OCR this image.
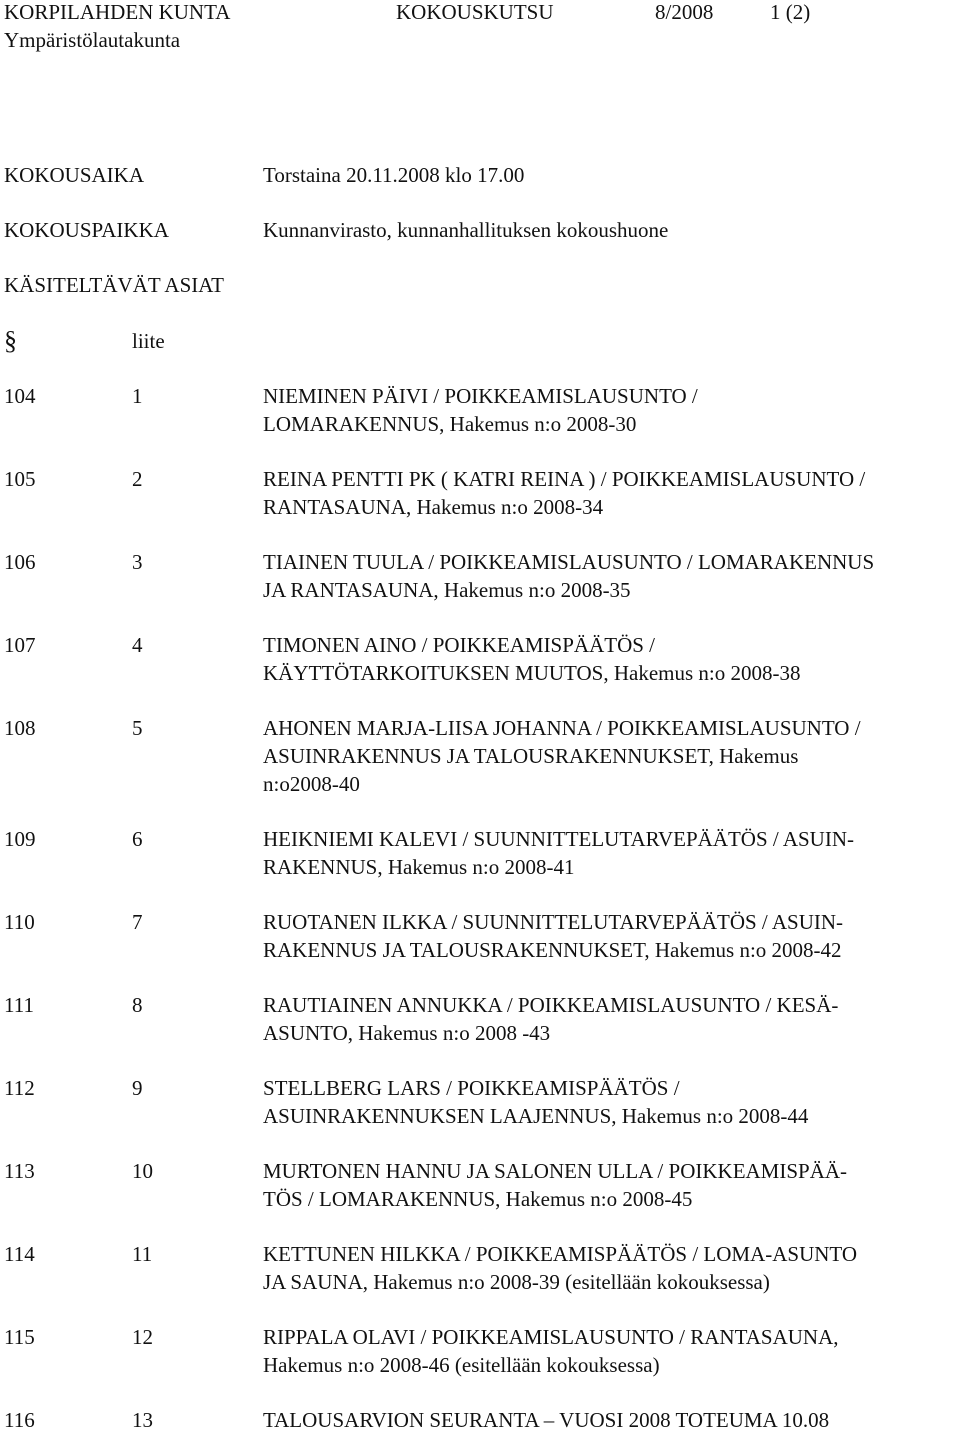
KORPILAHDEN KUNTA	KOKOUSKUTSU	8/2008	1 (2)
Ympäristölautakunta
KOKOUSAIKA	Torstaina 20.11.2008 klo 17.00
KOKOUSPAIKKA	Kunnanvirasto, kunnanhallituksen kokoushuone
KÄSITELTÄVÄT ASIAT
§	liite
104	1	NIEMINEN PÄIVI / POIKKEAMISLAUSUNTO /
LOMARAKENNUS, Hakemus n:o 2008-30
105	2	REINA PENTTI PK ( KATRI REINA ) / POIKKEAMISLAUSUNTO /
RANTASAUNA, Hakemus n:o 2008-34
106	3	TIAINEN TUULA / POIKKEAMISLAUSUNTO / LOMARAKENNUS
JA RANTASAUNA, Hakemus n:o 2008-35
107	4	TIMONEN AINO / POIKKEAMISPÄÄTÖS /
KÄYTTÖTARKOITUKSEN MUUTOS, Hakemus n:o 2008-38
108	5	AHONEN MARJA-LIISA JOHANNA / POIKKEAMISLAUSUNTO /
ASUINRAKENNUS JA TALOUSRAKENNUKSET, Hakemus
n:o2008-40
109	6	HEIKNIEMI KALEVI / SUUNNITTELUTARVEPÄÄTÖS / ASUIN-
RAKENNUS, Hakemus n:o 2008-41
110	7	RUOTANEN ILKKA / SUUNNITTELUTARVEPÄÄTÖS / ASUIN-
RAKENNUS JA TALOUSRAKENNUKSET, Hakemus n:o 2008-42
111	8	RAUTIAINEN ANNUKKA / POIKKEAMISLAUSUNTO / KESÄ-
ASUNTO, Hakemus n:o 2008 -43
112	9	STELLBERG LARS / POIKKEAMISPÄÄTÖS /
ASUINRAKENNUKSEN LAAJENNUS, Hakemus n:o 2008-44
113	10	MURTONEN HANNU JA SALONEN ULLA / POIKKEAMISPÄÄ-
TÖS / LOMARAKENNUS, Hakemus n:o 2008-45
114	11	KETTUNEN HILKKA / POIKKEAMISPÄÄTÖS / LOMA-ASUNTO
JA SAUNA, Hakemus n:o 2008-39 (esitellään kokouksessa)
115	12	RIPPALA OLAVI / POIKKEAMISLAUSUNTO / RANTASAUNA,
Hakemus n:o 2008-46 (esitellään kokouksessa)
116	13	TALOUSARVION SEURANTA – VUOSI 2008 TOTEUMA 10.08
